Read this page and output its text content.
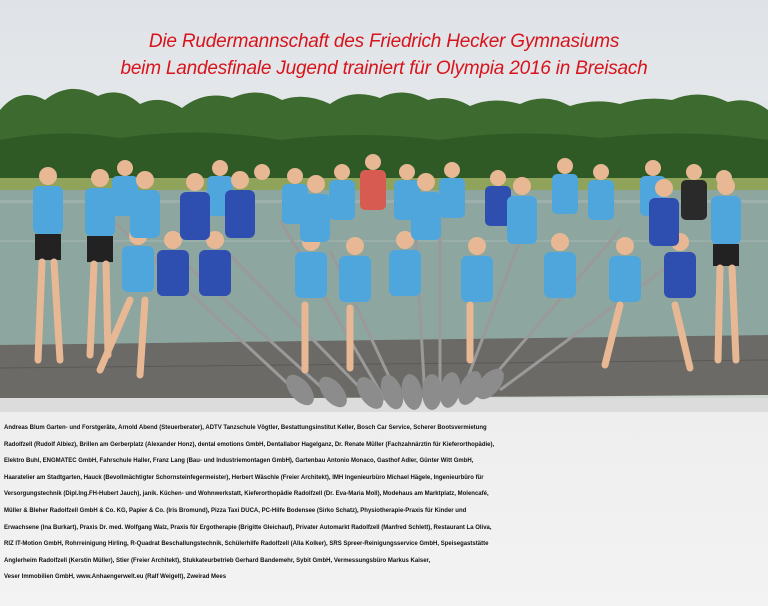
Die Rudermannschaft des Friedrich Hecker Gymnasiums
beim Landesfinale Jugend trainiert für Olympia 2016 in Breisach
Andreas Blum Garten- und Forstgeräte, Arnold Abend (Steuerberater), ADTV Tanzschule Vögtler, Bestattungsinstitut Keller, Bosch Car Service, Scherer Bootsvermietung
Radolfzell (Rudolf Albiez), Brillen am Gerberplatz (Alexander Honz), dental emotions GmbH, Dentallabor Hagelganz, Dr. Renate Müller (Fachzahnärztin für Kieferorthopädie),
Elektro Buhl, ENGMATEC GmbH, Fahrschule Haller, Franz Lang (Bau- und Industriemontagen GmbH), Gartenbau Antonio Monaco, Gasthof Adler, Günter Witt GmbH,
Haaratelier am Stadtgarten, Hauck (Bevollmächtigter Schornsteinfegermeister), Herbert Wäschle (Freier Architekt), IMH Ingenieurbüro Michael Hägele, Ingenieurbüro für
Versorgungstechnik (Dipl.Ing.FH-Hubert Jauch), janik. Küchen- und Wohnwerkstatt, Kieferorthopädie Radolfzell (Dr. Eva-Maria Moll), Modehaus am Marktplatz, Molencafé,
Müller & Bleher Radolfzell GmbH & Co. KG, Papier & Co. (Iris Bromund), Pizza Taxi DUCA, PC-Hilfe Bodensee (Sirko Schatz), Physiotherapie-Praxis für Kinder und
Erwachsene (Ina Burkart), Praxis Dr. med. Wolfgang Walz, Praxis für Ergotherapie (Brigitte Gleichauf), Privater Automarkt Radolfzell (Manfred Schlett), Restaurant La Oliva,
RIZ IT-Motion GmbH, Rohrreinigung Hirling, R-Quadrat Beschallungstechnik, Schülerhilfe Radolfzell (Alla Kolker), SRS Spreer-Reinigungsservice GmbH, Speisegaststätte
Anglerheim Radolfzell (Kerstin Müller), Stier (Freier Architekt), Stukkateurbetrieb Gerhard Bandemehr, Sybit GmbH, Vermessungsbüro Markus Kaiser,
Veser Immobilien GmbH, www.Anhaengerwelt.eu (Ralf Weigelt), Zweirad Mees
